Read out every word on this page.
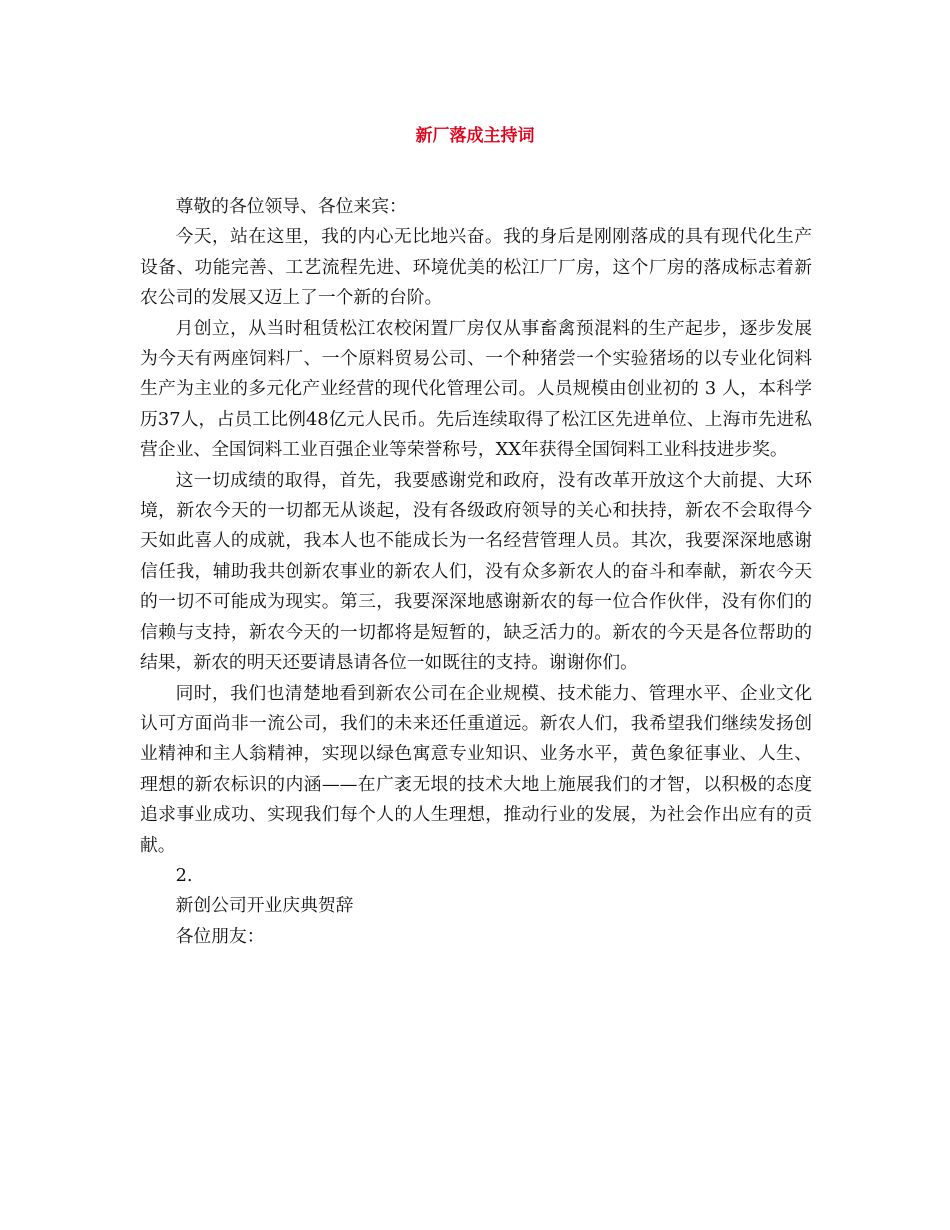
新厂落成主持词

尊敬的各位领导、各位来宾：

今天，站在这里，我的内心无比地兴奋。我的身后是刚刚落成的具有现代化生产设备、功能完善、工艺流程先进、环境优美的松江厂厂房，这个厂房的落成标志着新农公司的发展又迈上了一个新的台阶。

月创立，从当时租赁松江农校闲置厂房仅从事畜禽预混料的生产起步，逐步发展为今天有两座饲料厂、一个原料贸易公司、一个种猪尝一个实验猪场的以专业化饲料生产为主业的多元化产业经营的现代化管理公司。人员规模由创业初的 3 人，本科学历37人，占员工比例48亿元人民币。先后连续取得了松江区先进单位、上海市先进私营企业、全国饲料工业百强企业等荣誉称号，XX年获得全国饲料工业科技进步奖。

这一切成绩的取得，首先，我要感谢党和政府，没有改革开放这个大前提、大环境，新农今天的一切都无从谈起，没有各级政府领导的关心和扶持，新农不会取得今天如此喜人的成就，我本人也不能成长为一名经营管理人员。其次，我要深深地感谢信任我，辅助我共创新农事业的新农人们，没有众多新农人的奋斗和奉献，新农今天的一切不可能成为现实。第三，我要深深地感谢新农的每一位合作伙伴，没有你们的信赖与支持，新农今天的一切都将是短暂的，缺乏活力的。新农的今天是各位帮助的结果，新农的明天还要请恳请各位一如既往的支持。谢谢你们。

同时，我们也清楚地看到新农公司在企业规模、技术能力、管理水平、企业文化认可方面尚非一流公司，我们的未来还任重道远。新农人们，我希望我们继续发扬创业精神和主人翁精神，实现以绿色寓意专业知识、业务水平，黄色象征事业、人生、理想的新农标识的内涵——在广袤无垠的技术大地上施展我们的才智，以积极的态度追求事业成功、实现我们每个人的人生理想，推动行业的发展，为社会作出应有的贡献。

2.

新创公司开业庆典贺辞

各位朋友：
